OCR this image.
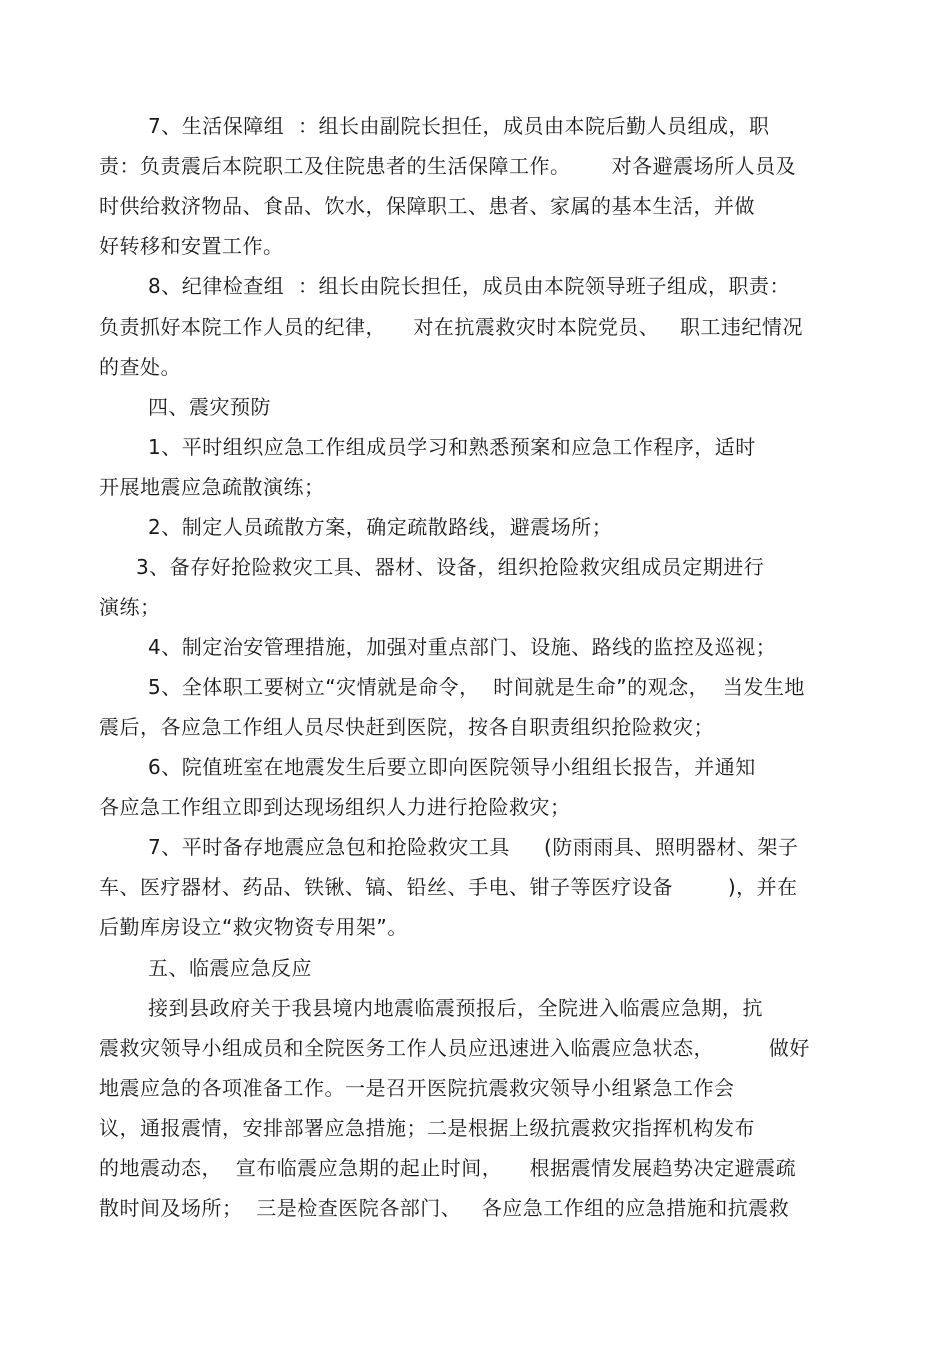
7、生活保障组  ：组长由副院长担任，成员由本院后勤人员组成，职
责：负责震后本院职工及住院患者的生活保障工作。      对各避震场所人员及
时供给救济物品、食品、饮水，保障职工、患者、家属的基本生活，并做
好转移和安置工作。
8、纪律检查组  ：组长由院长担任，成员由本院领导班子组成，职责：
负责抓好本院工作人员的纪律，    对在抗震救灾时本院党员、   职工违纪情况
的查处。
四、震灾预防
1、平时组织应急工作组成员学习和熟悉预案和应急工作程序，适时
开展地震应急疏散演练；
2、制定人员疏散方案，确定疏散路线，避震场所；
3、备存好抢险救灾工具、器材、设备，组织抢险救灾组成员定期进行
演练；
4、制定治安管理措施，加强对重点部门、设施、路线的监控及巡视；
5、全体职工要树立“灾情就是命令，  时间就是生命”的观念，  当发生地
震后，各应急工作组人员尽快赶到医院，按各自职责组织抢险救灾；
6、院值班室在地震发生后要立即向医院领导小组组长报告，并通知
各应急工作组立即到达现场组织人力进行抢险救灾；
7、平时备存地震应急包和抢险救灾工具     (防雨雨具、照明器材、架子
车、医疗器材、药品、铁锹、镐、铅丝、手电、钳子等医疗设备        )，并在
后勤库房设立“救灾物资专用架”。
五、临震应急反应
接到县政府关于我县境内地震临震预报后，全院进入临震应急期，抗
震救灾领导小组成员和全院医务工作人员应迅速进入临震应急状态，        做好
地震应急的各项准备工作。一是召开医院抗震救灾领导小组紧急工作会
议，通报震情，安排部署应急措施；二是根据上级抗震救灾指挥机构发布
的地震动态，  宣布临震应急期的起止时间，    根据震情发展趋势决定避震疏
散时间及场所；  三是检查医院各部门、   各应急工作组的应急措施和抗震救
